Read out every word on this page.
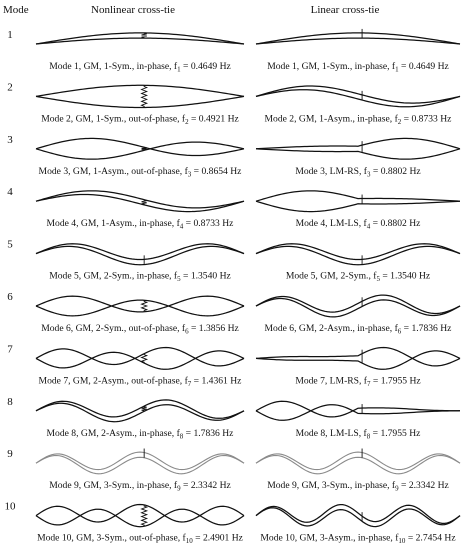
Mode	Nonlinear cross-tie	Linear cross-tie
1
Mode 1, GM, 1-Sym., in-phase, $f_1 = 0.4649$ Hz	Mode 1, GM, 1-Sym., in-phase, $f_1 = 0.4649$ Hz
2
Mode 2, GM, 1-Sym., out-of-phase, $f_2 = 0.4921$ Hz	Mode 2, GM, 1-Asym., in-phase, $f_2 = 0.8733$ Hz
3
Mode 3, GM, 1-Asym., out-of-phase, $f_3 = 0.8654$ Hz	Mode 3, LM-RS, $f_3 = 0.8802$ Hz
4
Mode 4, GM, 1-Asym., in-phase, $f_4 = 0.8733$ Hz	Mode 4, LM-LS, $f_4 = 0.8802$ Hz
5
Mode 5, GM, 2-Sym., in-phase, $f_5 = 1.3540$ Hz	Mode 5, GM, 2-Sym., $f_5 = 1.3540$ Hz
6
Mode 6, GM, 2-Sym., out-of-phase, $f_6 = 1.3856$ Hz	Mode 6, GM, 2-Asym., in-phase, $f_6 = 1.7836$ Hz
7
Mode 7, GM, 2-Asym., out-of-phase, $f_7 = 1.4361$ Hz	Mode 7, LM-RS, $f_7 = 1.7955$ Hz
8
Mode 8, GM, 2-Asym., in-phase, $f_8 = 1.7836$ Hz	Mode 8, LM-LS, $f_8 = 1.7955$ Hz
9
Mode 9, GM, 3-Sym., in-phase, $f_9 = 2.3342$ Hz	Mode 9, GM, 3-Sym., in-phase, $f_9 = 2.3342$ Hz
10
Mode 10, GM, 3-Sym., out-of-phase, $f_{10} = 2.4901$ Hz Mode 10, GM, 3-Asym., in-phase, $f_{10} = 2.7454$ Hz
